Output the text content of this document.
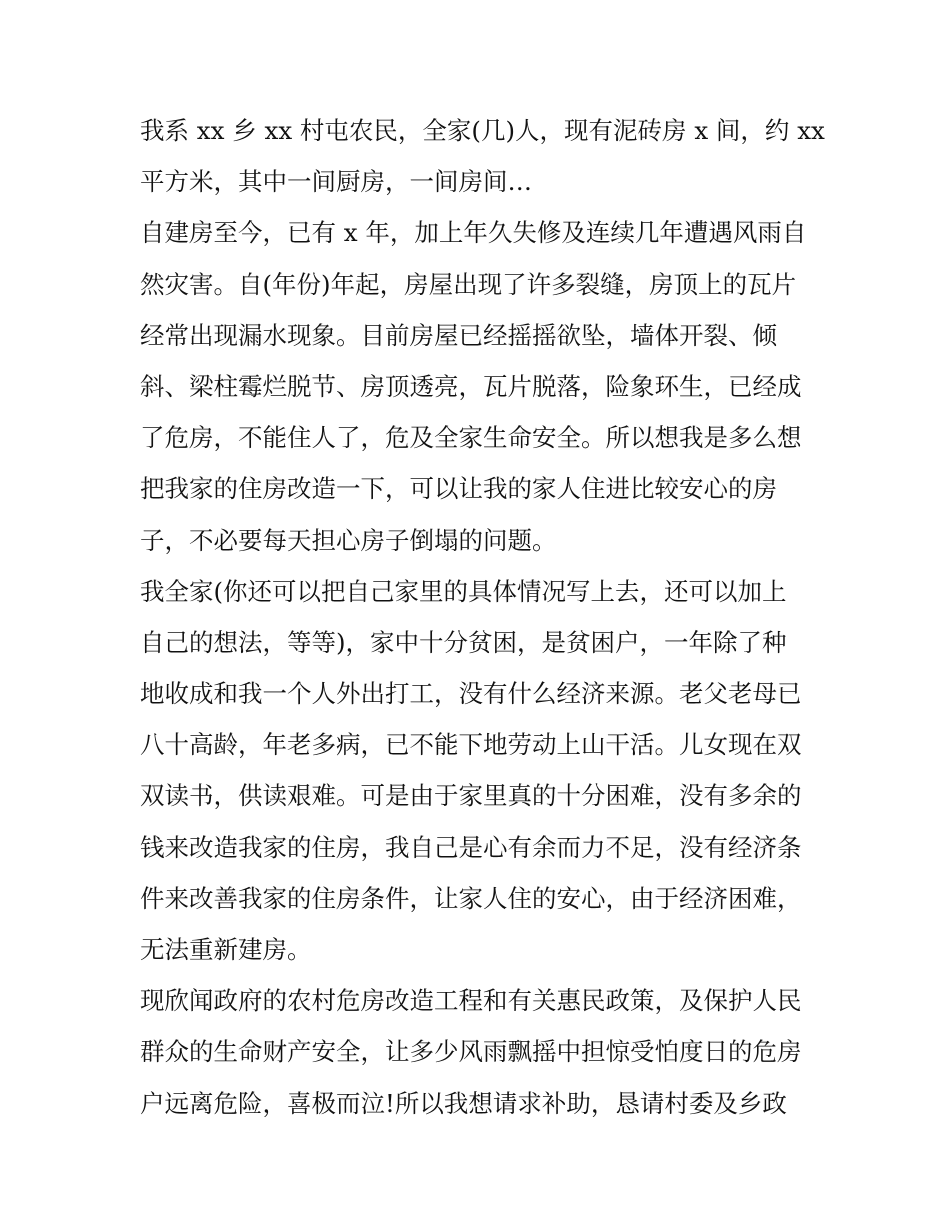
我系 xx 乡 xx 村屯农民，全家(几)人，现有泥砖房 x 间，约 xx
平方米，其中一间厨房，一间房间…
自建房至今，已有 x 年，加上年久失修及连续几年遭遇风雨自
然灾害。自(年份)年起，房屋出现了许多裂缝，房顶上的瓦片
经常出现漏水现象。目前房屋已经摇摇欲坠，墙体开裂、倾
斜、梁柱霉烂脱节、房顶透亮，瓦片脱落，险象环生，已经成
了危房，不能住人了，危及全家生命安全。所以想我是多么想
把我家的住房改造一下，可以让我的家人住进比较安心的房
子，不必要每天担心房子倒塌的问题。
我全家(你还可以把自己家里的具体情况写上去，还可以加上
自己的想法，等等)，家中十分贫困，是贫困户，一年除了种
地收成和我一个人外出打工，没有什么经济来源。老父老母已
八十高龄，年老多病，已不能下地劳动上山干活。儿女现在双
双读书，供读艰难。可是由于家里真的十分困难，没有多余的
钱来改造我家的住房，我自己是心有余而力不足，没有经济条
件来改善我家的住房条件，让家人住的安心，由于经济困难，
无法重新建房。
现欣闻政府的农村危房改造工程和有关惠民政策，及保护人民
群众的生命财产安全，让多少风雨飘摇中担惊受怕度日的危房
户远离危险，喜极而泣!所以我想请求补助，恳请村委及乡政
